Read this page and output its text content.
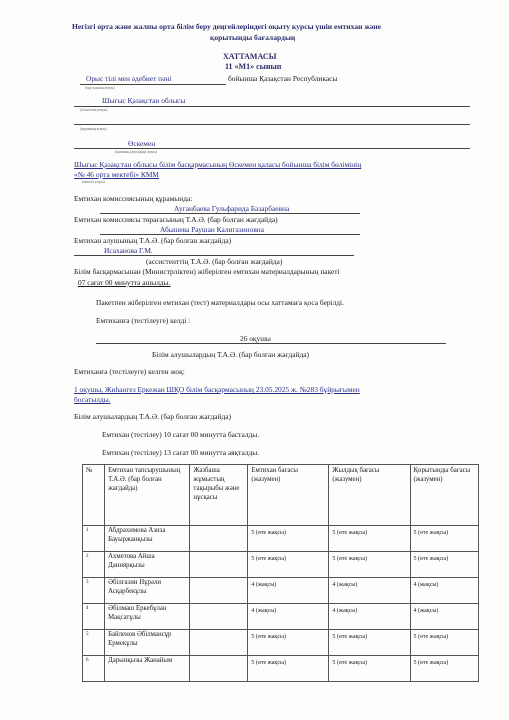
Негізгі орта және жалпы орта білім беру деңгейлеріндегі оқыту курсы үшін емтихан және
қорытынды бағалардың
ХАТТАМАСЫ
11 «М1» сынып
Орыс тілі мен әдебиет пәні	бойынша Қазақстан Республикасы
(оқу пәнінің атауы)
Шығыс Қазақстан облысы
(облыстың атауы)
(ауданның атауы)
Өскемен
(қаланың (ауылдың) атауы)
Шығыс Қазақстан облысы білім басқармасының Өскемен қаласы бойынша білім бөлімінің
«№ 46 орта мектебі» КММ
(мектеп атауы)
Емтихан комиссиясының құрамында:
Ауганбаева Гульфарида Базарбаевна
Емтихан комиссиясы төрағасының Т.А.Ә. (бар болған жағдайда)
Абышева Раушан Калигазиновна
Емтихан алушының Т.А.Ә. (бар болған жағдайда)
Исаханова Г.М.
(ассистенттің Т.А.Ә. (бар болған жағдайда)
Білім басқармасынан (Министрліктен) жіберілген емтихан материалдарының пакеті
07 сағат 00 минутта ашылды.
Пакетпен жіберілген емтихан (тест) материалдары осы хаттамаға қоса берілді.
Емтиханға (тестілеуге) келді :
26 оқушы
Білім алушылардың Т.А.Ә. (бар болған жағдайда)
Емтиханға (тестілеуге) келген жоқ:
1 оқушы, Жиһангез Еркежан ШҚО білім басқармасының 23.05.2025 ж. №283 бұйрығымен
босатылды.
Білім алушылардың Т.А.Ә. (бар болған жағдайда)
Емтихан (тестілеу) 10 сағат 00 минутта басталды.
Емтихан (тестілеу) 13 сағат 00 минутта аяқталды.
№	Емтихан тапсырушының Т.А.Ә. (бар болған жағдайда)	Жазбаша жұмыстың тақырыбы және нұсқасы	Емтихан бағасы (жазумен)	Жылдық бағасы (жазумен)	Қорытынды бағасы (жазумен)
1	Абдрахимова Азиза Бауыржанқызы		5 (өте жақсы)	5 (өте жақсы)	5 (өте жақсы)
2	Ахметова Айша Даниярқызы		5 (өте жақсы)	5 (өте жақсы)	5 (өте жақсы)
3	Әбілғазин Нұрәли Асқарбекұлы		4 (жақсы)	4 (жақсы)	4 (жақсы)
4	Әбілмаш Еркебұлан Мақсатұлы		4 (жақсы)	4 (жақсы)	4 (жақсы)
5	Байленов Әбілмансұр Ермекұлы		5 (өте жақсы)	5 (өте жақсы)	5 (өте жақсы)
6	Дарынқызы Жанайым		5 (өте жақсы)	5 (өте жақсы)	5 (өте жақсы)
